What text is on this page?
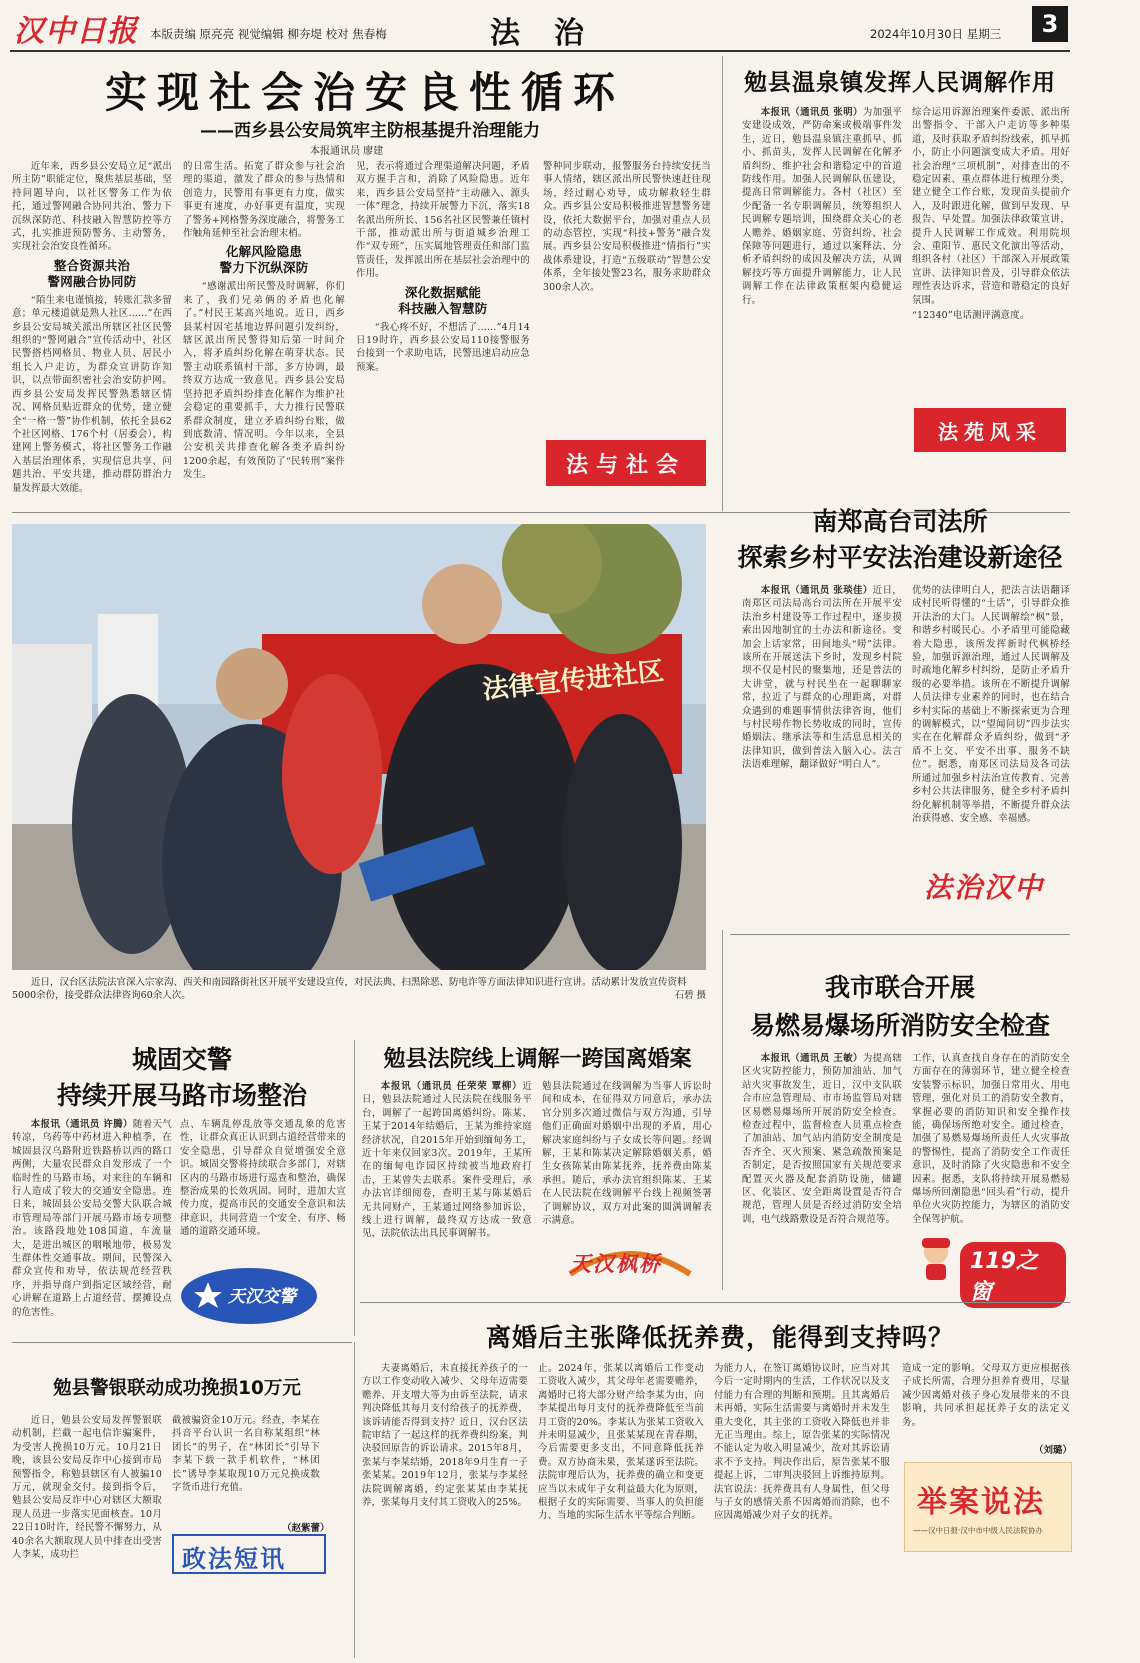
汉中日报 本版责编 原亮亮 视觉编辑 柳夯堤 校对 焦春梅	法　治	2024年10月30日 星期三 3
实现社会治安良性循环
——西乡县公安局筑牢主防根基提升治理能力
本报通讯员 廖建

近年来，西乡县公安局立足“派出所主防”职能定位，聚焦基层基础，坚持问题导向，以社区警务工作为依托，通过警网融合协同共治、警力下沉纵深防范、科技融入智慧防控等方式，扎实推进预防警务、主动警务，实现社会治安良性循环。

整合资源共治
警网融合协同防

“陌生来电谨慎接，转账汇款多留意；单元楼道就是熟人社区……”在西乡县公安局城关派出所辖区社区民警组织的“警网融合”宣传活动中，社区民警搭档网格员、物业人员、居民小组长入户走访，为群众宣讲防诈知识，以点带面织密社会治安防护网。西乡县公安局发挥民警熟悉辖区情况、网格员贴近群众的优势，建立健全“一格一警”协作机制，依托全县62个社区网格、176个村（居委会），构建网上警务模式，将社区警务工作融入基层治理体系，实现信息共享、问题共治、平安共建，推动群防群治力量发挥最大效能。

的日常生活。拓宽了群众参与社会治理的渠道，激发了群众的参与热情和创造力，民警用有事更有力度，做实事更有速度，办好事更有温度，实现了警务+网格警务深度融合，将警务工作触角延伸至社会治理末梢。

化解风险隐患
警力下沉纵深防

“感谢派出所民警及时调解，你们来了，我们兄弟俩的矛盾也化解了。”村民王某高兴地说。近日，西乡县某村因宅基地边界问题引发纠纷，辖区派出所民警得知后第一时间介入，将矛盾纠纷化解在萌芽状态。民警主动联系镇村干部，多方协调，最终双方达成一致意见。西乡县公安局坚持把矛盾纠纷排查化解作为维护社会稳定的重要抓手，大力推行民警联系群众制度，建立矛盾纠纷台账，做到底数清、情况明。今年以来，全县公安机关共排查化解各类矛盾纠纷1200余起，有效预防了“民转刑”案件发生。

见，表示将通过合理渠道解决问题，矛盾双方握手言和，消除了风险隐患。近年来，西乡县公安局坚持“主动融入、源头一体”理念，持续开展警力下沉，落实18名派出所所长、156名社区民警兼任镇村干部，推动派出所与街道城乡治理工作“双专班”，压实属地管理责任和部门监管责任，发挥派出所在基层社会治理中的作用。

深化数据赋能
科技融入智慧防

“我心疼不好，不想活了……”4月14日19时许，西乡县公安局110接警服务台接到一个求助电话，民警迅速启动应急预案。

警种同步联动，报警服务台持续安抚当事人情绪，辖区派出所民警快速赶往现场，经过耐心劝导，成功解救轻生群众。西乡县公安局积极推进智慧警务建设，依托大数据平台，加强对重点人员的动态管控，实现“科技+警务”融合发展。西乡县公安局积极推进“情指行”实战体系建设，打造“五级联动”智慧公安体系，全年接处警23名，服务求助群众300余人次。

法与社会
勉县温泉镇发挥人民调解作用

本报讯（通讯员 张明）为加强平安建设成效，严防命案或极端事件发生，近日，勉县温泉镇注重抓早、抓小、抓苗头，发挥人民调解在化解矛盾纠纷、维护社会和谐稳定中的首道防线作用。加强人民调解队伍建设，提高日常调解能力。各村（社区）至少配备一名专职调解员，统筹组织人民调解专题培训，围绕群众关心的老人赡养、婚姻家庭、劳资纠纷、社会保障等问题进行，通过以案释法、分析矛盾纠纷的成因及解决方法，从调解技巧等方面提升调解能力，让人民调解工作在法律政策框架内稳健运行。

综合运用诉源治理案件委派、派出所出警指令、干部入户走访等多种渠道，及时获取矛盾纠纷线索，抓早抓小，防止小问题演变成大矛盾。用好社会治理“三项机制”，对排查出的不稳定因素、重点群体进行梳理分类，建立健全工作台账，发现苗头提前介入，及时跟进化解，做到早发现、早报告、早处置。加强法律政策宣讲，提升人民调解工作成效。利用院坝会、重阳节、惠民文化演出等活动，组织各村（社区）干部深入开展政策宣讲、法律知识普及，引导群众依法理性表达诉求，营造和谐稳定的良好氛围。

“12340”电话测评满意度。

法苑风采
法律宣传进社区
近日，汉台区法院法官深入宗家沟、西关和南园路街社区开展平安建设宣传，对民法典、扫黑除恶、防电诈等方面法律知识进行宣讲。活动累计发放宣传资料5000余份，接受群众法律咨询60余人次。	石碧 摄
南郑高台司法所
探索乡村平安法治建设新途径

本报讯（通讯员 张琰佳）近日，南郑区司法局高台司法所在开展平安法治乡村建设等工作过程中，逐步摸索出因地制宜的土办法和新途径。变加会上话家常，田间地头“唠”法律。该所在开展送法下乡时，发现乡村院坝不仅是村民的聚集地，还是普法的大讲堂，就与村民坐在一起聊聊家常，拉近了与群众的心理距离，对群众遇到的难题事情供法律咨询，他们与村民唠作物长势收成的同时，宣传婚姻法、继承法等和生活息息相关的法律知识，做到普法入脑入心。法言法语难理解，翻译做好“明白人”。

优势的法律明白人，把法言法语翻译成村民听得懂的“土话”，引导群众推开法治的大门。人民调解绘“枫”景，和谐乡村暖民心。小矛盾里可能隐藏着大隐患，该所发挥新时代枫桥经验，加强诉源治理，通过人民调解及时疏地化解乡村纠纷，是防止矛盾升级的必要举措。该所在不断提升调解人员法律专业素养的同时，也在结合乡村实际的基础上不断探索更为合理的调解模式，以“望闻问切”四步法实实在在化解群众矛盾纠纷，做到“矛盾不上交、平安不出事、服务不缺位”。据悉，南郑区司法局及各司法所通过加强乡村法治宣传教育、完善乡村公共法律服务，健全乡村矛盾纠纷化解机制等举措，不断提升群众法治获得感、安全感、幸福感。

法治汉中
我市联合开展
易燃易爆场所消防安全检查

本报讯（通讯员 王敏）为提高辖区火灾防控能力，预防加油站、加气站火灾事故发生，近日，汉中支队联合市应急管理局、市市场监管局对辖区易燃易爆场所开展消防安全检查。检查过程中，监督检查人员重点检查了加油站、加气站内消防安全制度是否齐全、灭火预案、紧急疏散预案是否制定，是否按照国家有关规范要求配置灭火器及配套消防设施，储罐区、化装区、安全距离设置是否符合规范，管理人员是否经过消防安全培训，电气线路敷设是否符合规范等。

工作，认真查找自身存在的消防安全方面存在的薄弱环节，建立健全检查安装警示标识，加强日常用火、用电管理，强化对员工的消防安全教育，掌握必要的消防知识和安全操作技能，确保场所绝对安全。通过检查，加强了易燃易爆场所责任人火灾事故的警惕性，提高了消防安全工作责任意识，及时消除了火灾隐患和不安全因素。据悉，支队将持续开展易燃易爆场所回潮隐患“回头看”行动，提升单位火灾防控能力，为辖区的消防安全保驾护航。

119之窗
城固交警
持续开展马路市场整治

本报讯（通讯员 许腾）随着天气转凉，乌药等中药材进入种植季，在城固县汉乌路附近铁路桥以西的路口两侧，大量农民群众自发形成了一个临时性的马路市场，对来往的车辆和行人造成了较大的交通安全隐患。连日来，城固县公安局交警大队联合城市管理局等部门开展马路市场专项整治。该路段地处108国道，车流量大，是进出城区的咽喉地带，极易发生群体性交通事故。期间，民警深入群众宣传和劝导，依法规范经营秩序，并指导商户到指定区域经营，耐心讲解在道路上占道经营、摆摊设点的危害性。

点、车辆乱停乱放等交通乱象的危害性，让群众真正认识到占道经营带来的安全隐患，引导群众自觉增强安全意识。城固交警将持续联合多部门，对辖区内的马路市场进行巡查和整治，确保整治成果的长效巩固。同时，进加大宣传力度，提高市民的交通安全意识和法律意识，共同营造一个安全、有序、畅通的道路交通环境。

天汉交警
勉县法院线上调解一跨国离婚案

本报讯（通讯员 任荣荣 覃柳）近日，勉县法院通过人民法院在线服务平台，调解了一起跨国离婚纠纷。陈某、王某于2014年结婚后，王某为维持家庭经济状况，自2015年开始到缅甸务工，近十年来仅回家3次。2019年，王某所在的缅甸电诈园区持续被当地政府打击，王某曾失去联系。案件受理后，承办法官详细阅卷，查明王某与陈某婚后无共同财产，王某通过网络参加诉讼，线上进行调解，最终双方达成一致意见，法院依法出具民事调解书。

勉县法院通过在线调解为当事人诉讼时间和成本，在征得双方同意后，承办法官分别多次通过微信与双方沟通，引导他们正确面对婚姻中出现的矛盾，用心解决家庭纠纷与子女成长等问题。经调解，王某和陈某决定解除婚姻关系，婚生女孩陈某由陈某抚养，抚养费由陈某承担。随后，承办法官组织陈某、王某在人民法院在线调解平台线上视频签署了调解协议，双方对此案的圆满调解表示满意。

天汉枫桥
勉县警银联动成功挽损10万元

近日，勉县公安局发挥警银联动机制，拦截一起电信诈骗案件，为受害人挽损10万元。10月21日晚，该县公安局反诈中心接到市局预警指令，称勉县辖区有人被骗10万元，就现金交付。接到指令后，勉县公安局反诈中心对辖区大额取现人员进一步落实见面核查。10月22日10时许，经民警不懈努力，从40余名大额取现人员中排查出受害人李某，成功拦

截被骗资金10万元。经查，李某在抖音平台认识一名自称某组织“林团长”的男子，在“林团长”引导下李某下载一款手机软件，“林团长”诱导李某取现10万元兑换成数字货币进行充值。

（赵紫蕾）
政法短讯
离婚后主张降低抚养费，能得到支持吗？

夫妻离婚后，未直接抚养孩子的一方以工作变动收入减少、父母年迈需要赡养、开支增大等为由诉至法院，请求判决降低其每月支付给孩子的抚养费，该诉请能否得到支持？近日，汉台区法院审结了一起这样的抚养费纠纷案，判决驳回原告的诉讼请求。2015年8月，张某与李某结婚，2018年9月生育一子张某某。2019年12月，张某与李某经法院调解离婚，约定张某某由李某抚养，张某每月支付其工资收入的25%。

止。2024年，张某以离婚后工作变动工资收入减少，其父母年老需要赡养，离婚时已将大部分财产给李某为由，向李某提出每月支付的抚养费降低至当前月工资的20%。李某认为张某工资收入并未明显减少，且张某某现在青春期，今后需要更多支出，不同意降低抚养费。双方协商未果，张某遂诉至法院。法院审理后认为，抚养费的确立和变更应当以未成年子女利益最大化为原则，根据子女的实际需要、当事人的负担能力、当地的实际生活水平等综合判断。

为能力人，在签订离婚协议时，应当对其今后一定时期内的生活，工作状况以及支付能力有合理的判断和预期。且其离婚后未再婚，实际生活需要与离婚时并未发生重大变化，其主张的工资收入降低也并非无正当理由。综上，原告张某的实际情况不能认定为收入明显减少，故对其诉讼请求不予支持。判决作出后，原告张某不服提起上诉，二审判决驳回上诉维持原判。法官说法：抚养费具有人身属性，但父母与子女的感情关系不因离婚而消除，也不应因离婚减少对子女的抚养。

造成一定的影响。父母双方更应根据孩子成长所需，合理分担养育费用，尽量减少因离婚对孩子身心发展带来的不良影响，共同承担起抚养子女的法定义务。

（刘璐）
举案说法
——汉中日报·汉中市中级人民法院协办
